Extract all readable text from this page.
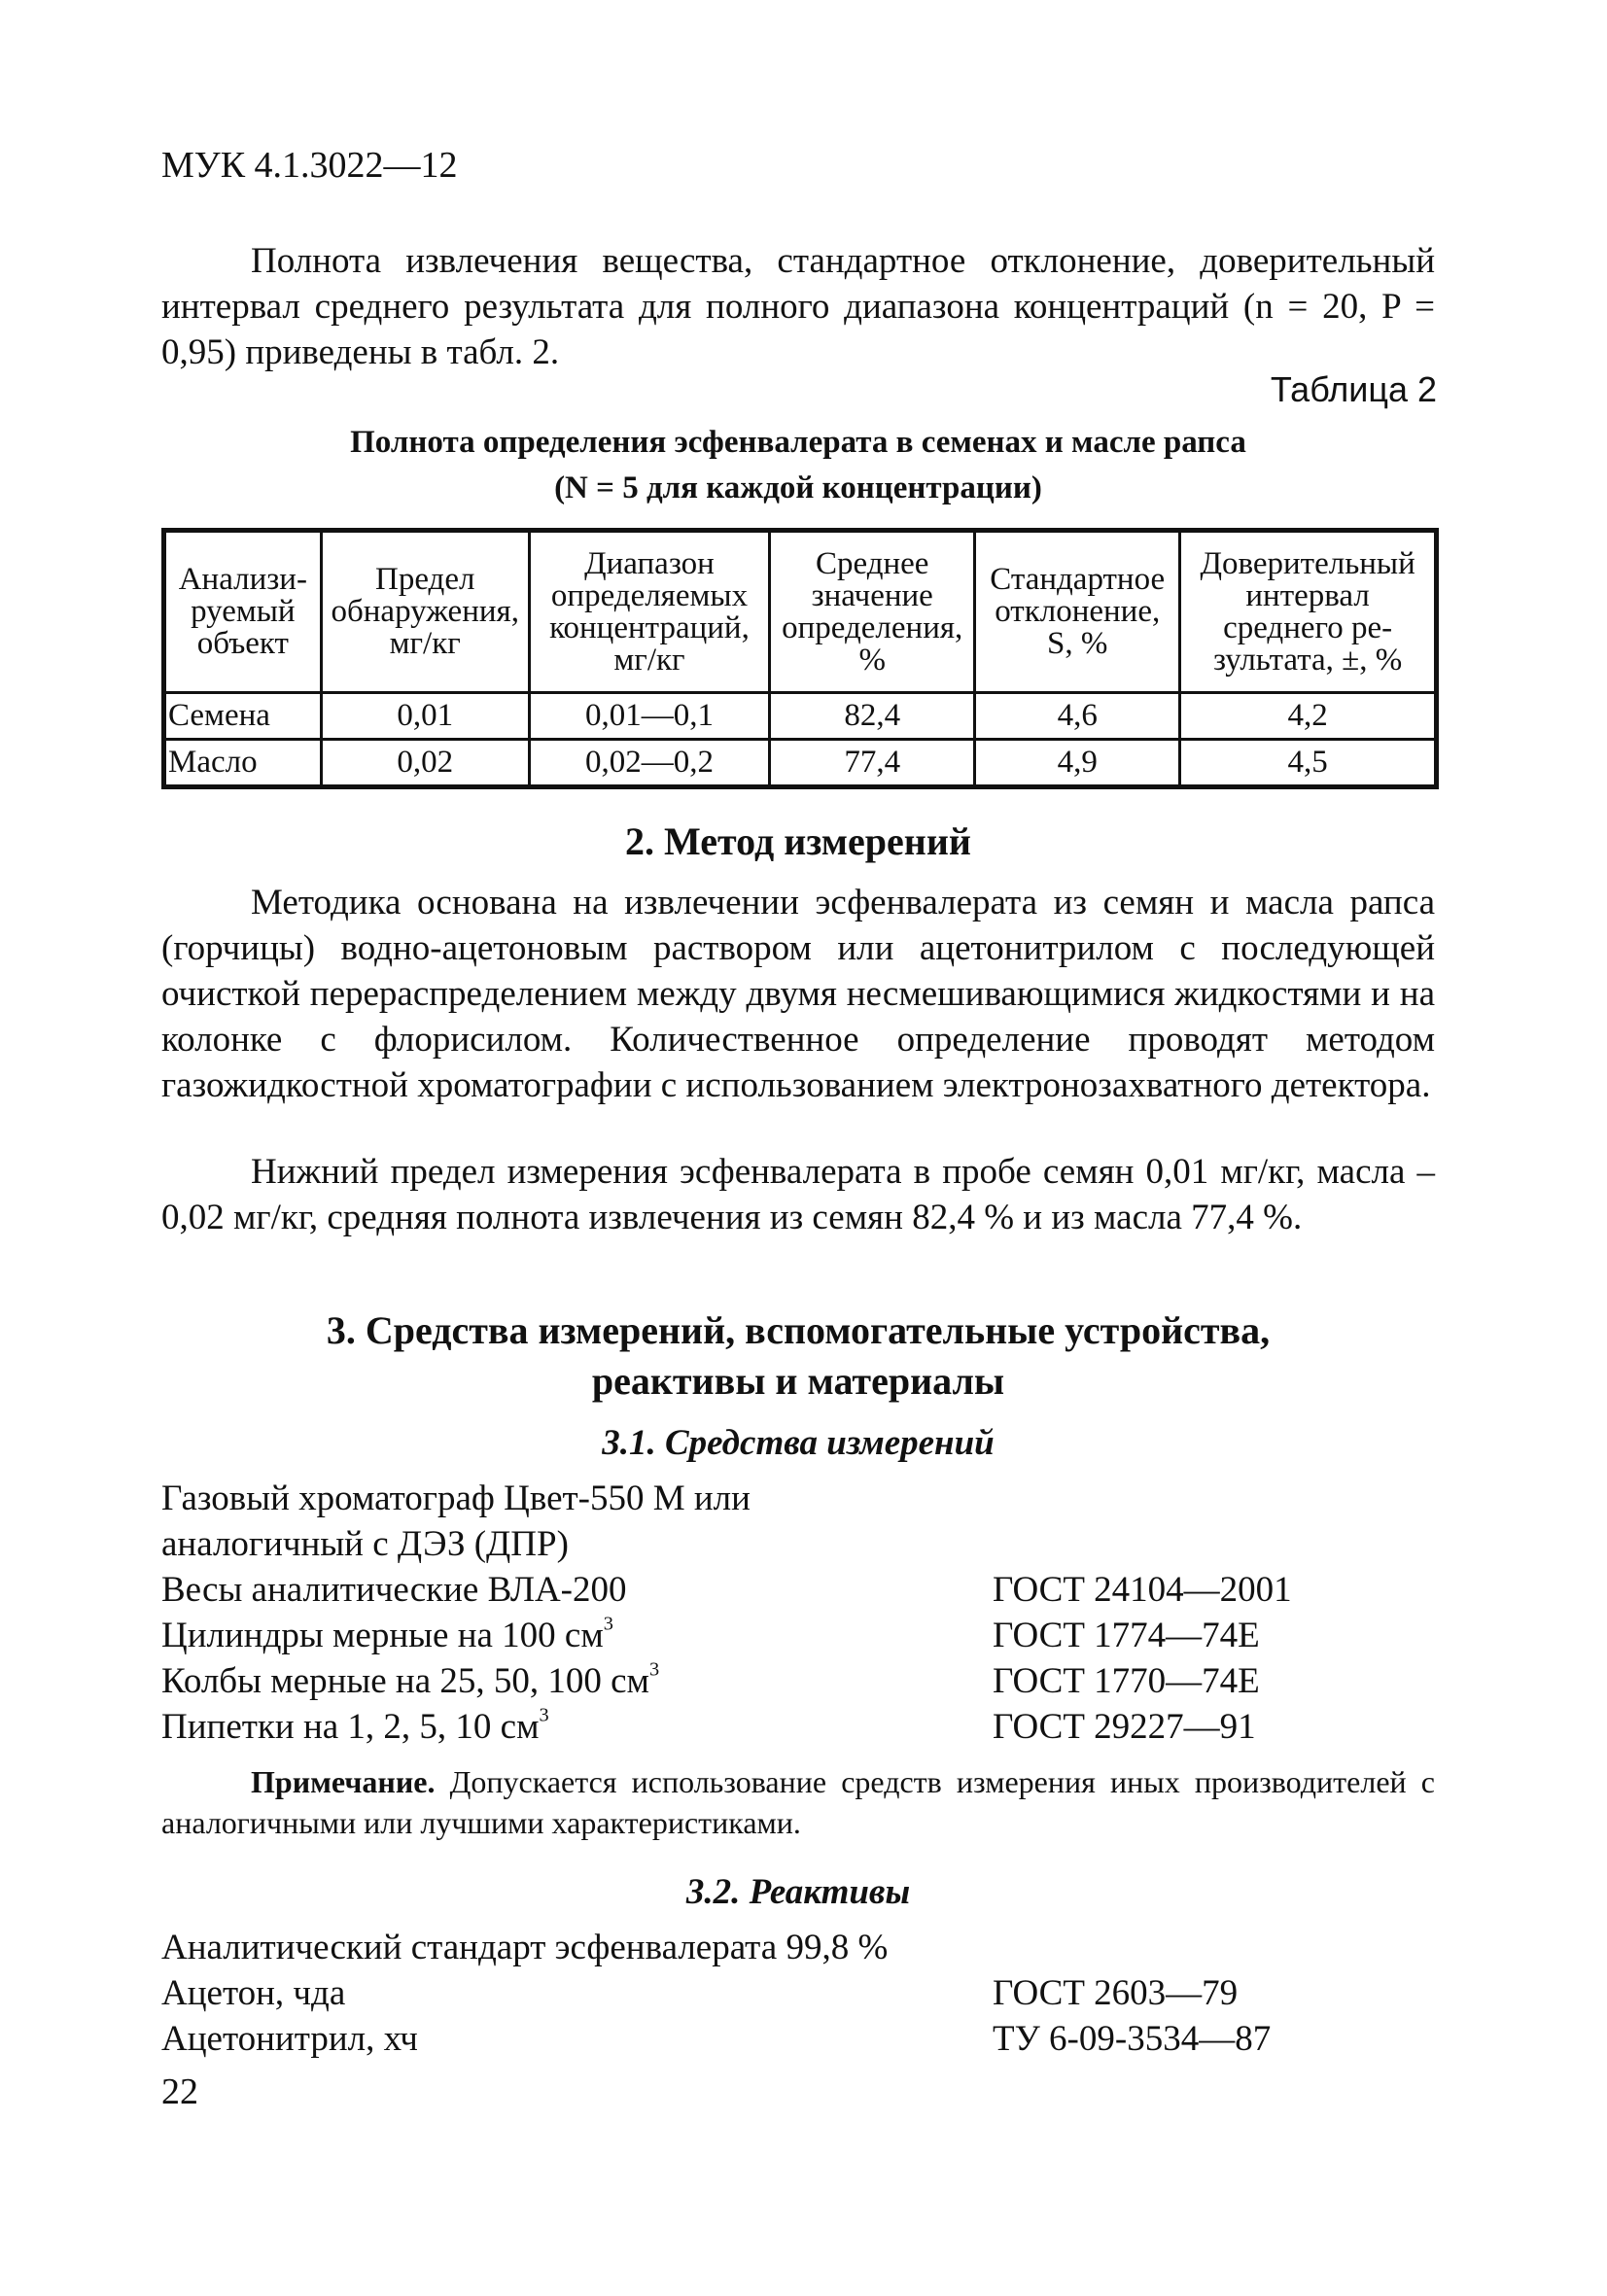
МУК 4.1.3022—12

Полнота извлечения вещества, стандартное отклонение, доверительный интервал среднего результата для полного диапазона концентраций (n = 20, P = 0,95) приведены в табл. 2.

Таблица 2
Полнота определения эсфенвалерата в семенах и масле рапса
(N = 5 для каждой концентрации)
Анализируемый объект	Предел обнаружения, мг/кг	Диапазон определяемых концентраций, мг/кг	Среднее значение определения, %	Стандартное отклонение, S, %	Доверительный интервал среднего результата, ±, %
Семена	0,01	0,01—0,1	82,4	4,6	4,2
Масло	0,02	0,02—0,2	77,4	4,9	4,5
2. Метод измерений

Методика основана на извлечении эсфенвалерата из семян и масла рапса (горчицы) водно-ацетоновым раствором или ацетонитрилом с последующей очисткой перераспределением между двумя несмешивающимися жидкостями и на колонке с флорисилом. Количественное определение проводят методом газожидкостной хроматографии с использованием электронозахватного детектора.

Нижний предел измерения эсфенвалерата в пробе семян 0,01 мг/кг, масла – 0,02 мг/кг, средняя полнота извлечения из семян 82,4 % и из масла 77,4 %.

3. Средства измерений, вспомогательные устройства,
реактивы и материалы
3.1. Средства измерений
Газовый хроматограф Цвет-550 М или
аналогичный с ДЭЗ (ДПР)
Весы аналитические ВЛА-200	ГОСТ 24104—2001
Цилиндры мерные на 100 $см^3$	ГОСТ 1774—74Е
Колбы мерные на 25, 50, 100 $см^3$	ГОСТ 1770—74Е
Пипетки на 1, 2, 5, 10 $см^3$	ГОСТ 29227—91

Примечание. Допускается использование средств измерения иных производителей с аналогичными или лучшими характеристиками.

3.2. Реактивы
Аналитический стандарт эсфенвалерата 99,8 %
Ацетон, чда	ГОСТ 2603—79
Ацетонитрил, хч	ТУ 6-09-3534—87
22
